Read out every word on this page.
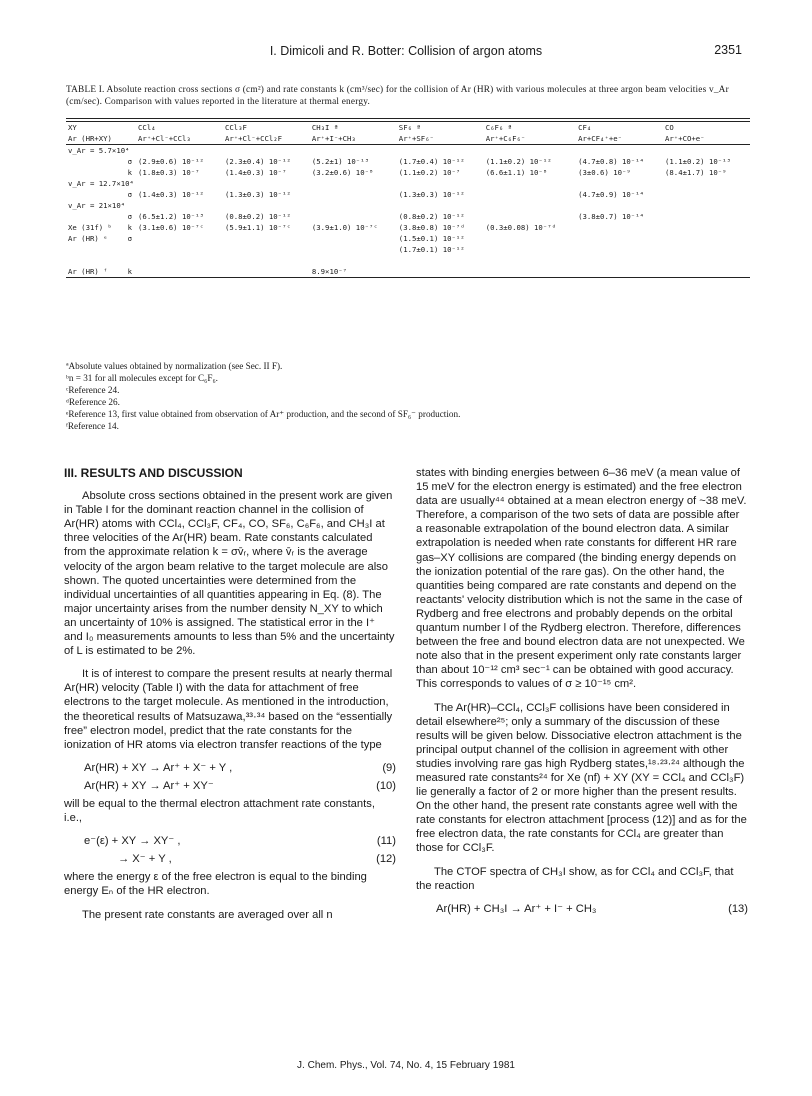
I. Dimicoli and R. Botter: Collision of argon atoms	2351
TABLE I. Absolute reaction cross sections σ (cm²) and rate constants k (cm³/sec) for the collision of Ar (HR) with various molecules at three argon beam velocities v_Ar (cm/sec). Comparison with values reported in the literature at thermal energy.

XY		CCl₄	CCl₃F	CH₃I ª	SF₆ ª	C₆F₆ ª	CF₄	CO
Ar (HR+XY)		Ar⁺+Cl⁻+CCl₃	Ar⁺+Cl⁻+CCl₂F	Ar⁺+I⁻+CH₃	Ar⁺+SF₆⁻	Ar⁺+C₆F₆⁻	Ar+CF₄⁺+e⁻	Ar⁺+CO+e⁻

v_Ar = 5.7×10⁴								
	σ	(2.9±0.6) 10⁻¹²	(2.3±0.4) 10⁻¹²	(5.2±1) 10⁻¹³	(1.7±0.4) 10⁻¹²	(1.1±0.2) 10⁻¹²	(4.7±0.8) 10⁻¹⁴	(1.1±0.2) 10⁻¹³
	k	(1.8±0.3) 10⁻⁷	(1.4±0.3) 10⁻⁷	(3.2±0.6) 10⁻⁸	(1.1±0.2) 10⁻⁷	(6.6±1.1) 10⁻⁸	(3±0.6) 10⁻⁹	(8.4±1.7) 10⁻⁹
v_Ar = 12.7×10⁴								
	σ	(1.4±0.3) 10⁻¹²	(1.3±0.3) 10⁻¹²		(1.3±0.3) 10⁻¹²		(4.7±0.9) 10⁻¹⁴	
v_Ar = 21×10⁴								
	σ	(6.5±1.2) 10⁻¹³	(0.8±0.2) 10⁻¹²		(0.8±0.2) 10⁻¹²		(3.8±0.7) 10⁻¹⁴	
Xe (31f) ᵇ	k	(3.1±0.6) 10⁻⁷ᶜ	(5.9±1.1) 10⁻⁷ᶜ	(3.9±1.0) 10⁻⁷ᶜ	(3.8±0.8) 10⁻⁷ᵈ	(0.3±0.08) 10⁻⁷ᵈ		
Ar (HR) ᵉ	σ				(1.5±0.1) 10⁻¹²			
					(1.7±0.1) 10⁻¹²			

Ar (HR) ᶠ	k			8.9×10⁻⁷				

ªAbsolute values obtained by normalization (see Sec. II F).
ᵇn = 31 for all molecules except for C₆F₆.
ᶜReference 24.
ᵈReference 26.
ᵉReference 13, first value obtained from observation of Ar⁺ production, and the second of SF₆⁻ production.
ᶠReference 14.
III. RESULTS AND DISCUSSION

Absolute cross sections obtained in the present work are given in Table I for the dominant reaction channel in the collision of Ar(HR) atoms with CCl₄, CCl₃F, CF₄, CO, SF₆, C₆F₆, and CH₃I at three velocities of the Ar(HR) beam. Rate constants calculated from the approximate relation k = σv̄ᵣ, where v̄ᵣ is the average velocity of the argon beam relative to the target molecule are also shown. The quoted uncertainties were determined from the individual uncertainties of all quantities appearing in Eq. (8). The major uncertainty arises from the number density N_XY to which an uncertainty of 10% is assigned. The statistical error in the I⁺ and I₀ measurements amounts to less than 5% and the uncertainty of L is estimated to be 2%.

It is of interest to compare the present results at nearly thermal Ar(HR) velocity (Table I) with the data for attachment of free electrons to the target molecule. As mentioned in the introduction, the theoretical results of Matsuzawa,³³·³⁴ based on the “essentially free” electron model, predict that the rate constants for the ionization of HR atoms via electron transfer reactions of the type

Ar(HR) + XY → Ar⁺ + X⁻ + Y ,	(9)
Ar(HR) + XY → Ar⁺ + XY⁻	(10)

will be equal to the thermal electron attachment rate constants, i.e.,

e⁻(ε) + XY → XY⁻ ,	(11)
→ X⁻ + Y ,	(12)

where the energy ε of the free electron is equal to the binding energy Eₙ of the HR electron.

The present rate constants are averaged over all n

states with binding energies between 6–36 meV (a mean value of 15 meV for the electron energy is estimated) and the free electron data are usually⁴⁴ obtained at a mean electron energy of ~38 meV. Therefore, a comparison of the two sets of data are possible after a reasonable extrapolation of the bound electron data. A similar extrapolation is needed when rate constants for different HR rare gas–XY collisions are compared (the binding energy depends on the ionization potential of the rare gas). On the other hand, the quantities being compared are rate constants and depend on the reactants' velocity distribution which is not the same in the case of Rydberg and free electrons and probably depends on the orbital quantum number l of the Rydberg electron. Therefore, differences between the free and bound electron data are not unexpected. We note also that in the present experiment only rate constants larger than about 10⁻¹² cm³ sec⁻¹ can be obtained with good accuracy. This corresponds to values of σ ≥ 10⁻¹⁵ cm².

The Ar(HR)–CCl₄, CCl₃F collisions have been considered in detail elsewhere²⁵; only a summary of the discussion of these results will be given below. Dissociative electron attachment is the principal output channel of the collision in agreement with other studies involving rare gas high Rydberg states,¹⁸·²³·²⁴ although the measured rate constants²⁴ for Xe (nf) + XY (XY = CCl₄ and CCl₃F) lie generally a factor of 2 or more higher than the present results. On the other hand, the present rate constants agree well with the rate constants for electron attachment [process (12)] and as for the free electron data, the rate constants for CCl₄ are greater than those for CCl₃F.

The CTOF spectra of CH₃I show, as for CCl₄ and CCl₃F, that the reaction

Ar(HR) + CH₃I → Ar⁺ + I⁻ + CH₃	(13)
J. Chem. Phys., Vol. 74, No. 4, 15 February 1981
